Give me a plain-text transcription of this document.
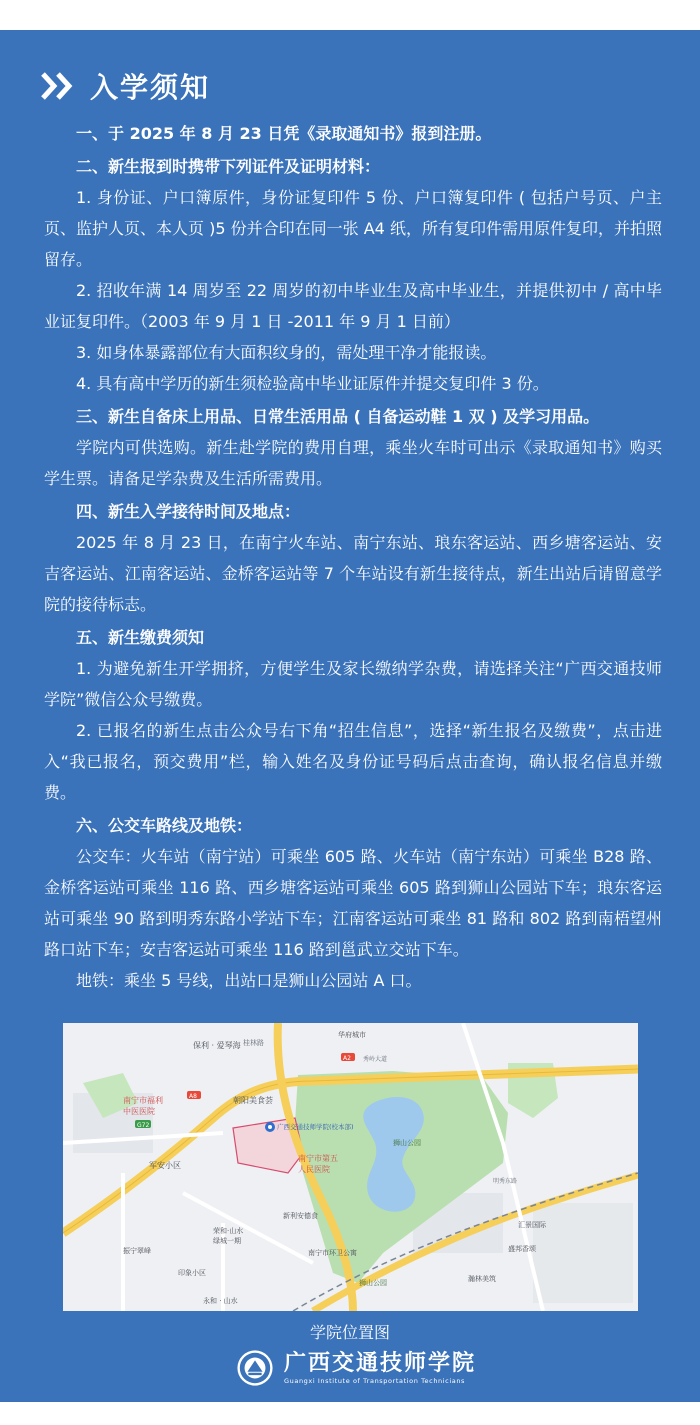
入学须知

一、于 2025 年 8 月 23 日凭《录取通知书》报到注册。

二、新生报到时携带下列证件及证明材料：

1. 身份证、户口簿原件，身份证复印件 5 份、户口簿复印件 ( 包括户号页、户主页、监护人页、本人页 )5 份并合印在同一张 A4 纸，所有复印件需用原件复印，并拍照留存。

2. 招收年满 14 周岁至 22 周岁的初中毕业生及高中毕业生，并提供初中 / 高中毕业证复印件。（2003 年 9 月 1 日 -2011 年 9 月 1 日前）

3. 如身体暴露部位有大面积纹身的，需处理干净才能报读。

4. 具有高中学历的新生须检验高中毕业证原件并提交复印件 3 份。

三、新生自备床上用品、日常生活用品 ( 自备运动鞋 1 双 ) 及学习用品。

学院内可供选购。新生赴学院的费用自理，乘坐火车时可出示《录取通知书》购买学生票。请备足学杂费及生活所需费用。

四、新生入学接待时间及地点：

2025 年 8 月 23 日，在南宁火车站、南宁东站、琅东客运站、西乡塘客运站、安吉客运站、江南客运站、金桥客运站等 7 个车站设有新生接待点，新生出站后请留意学院的接待标志。

五、新生缴费须知

1. 为避免新生开学拥挤，方便学生及家长缴纳学杂费，请选择关注“广西交通技师学院”微信公众号缴费。

2. 已报名的新生点击公众号右下角“招生信息”，选择“新生报名及缴费”，点击进入“我已报名，预交费用”栏，输入姓名及身份证号码后点击查询，确认报名信息并缴费。

六、公交车路线及地铁：

公交车：火车站（南宁站）可乘坐 605 路、火车站（南宁东站）可乘坐 B28 路、金桥客运站可乘坐 116 路、西乡塘客运站可乘坐 605 路到狮山公园站下车；琅东客运站可乘坐 90 路到明秀东路小学站下车；江南客运站可乘坐 81 路和 802 路到南梧望州路口站下车；安吉客运站可乘坐 116 路到邕武立交站下车。

地铁：乘坐 5 号线，出站口是狮山公园站 A 口。

保利 · 爱琴海 桂林路
华府城市
秀岭大道
南宁市福利
中医医院
朝阳美食荟
广西交通技师学院(校本部)
狮山公园
南宁市第五
人民医院
军安小区
新利安德食
荣和·山水
绿城一期
南宁市环卫公寓
振宁翠峰
印象小区
汇景国际
盛邦香颂
瀚林美筑
永和 · 山水
明秀东路
A2
A8
G72
狮山公园
学院位置图
广西交通技师学院
Guangxi Institute of Transportation Technicians
